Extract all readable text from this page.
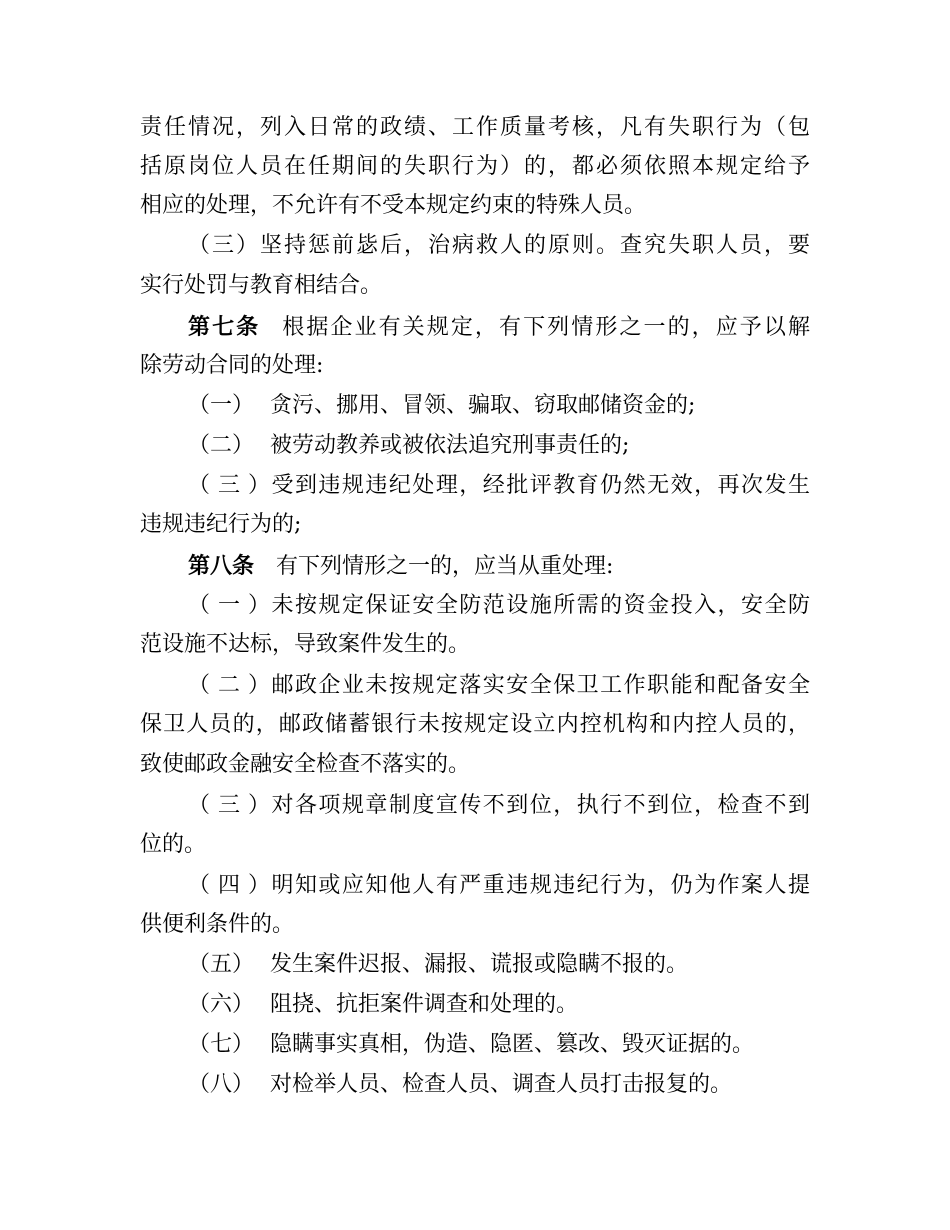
责任情况，列入日常的政绩、工作质量考核，凡有失职行为（包
括原岗位人员在任期间的失职行为）的，都必须依照本规定给予
相应的处理，不允许有不受本规定约束的特殊人员。
（三）坚持惩前毖后，治病救人的原则。查究失职人员，要
实行处罚与教育相结合。
第七条 根据企业有关规定，有下列情形之一的，应予以解
除劳动合同的处理:
（一） 贪污、挪用、冒领、骗取、窃取邮储资金的;
（二） 被劳动教养或被依法追究刑事责任的;
（三）受到违规违纪处理，经批评教育仍然无效，再次发生
违规违纪行为的;
第八条 有下列情形之一的，应当从重处理:
（一）未按规定保证安全防范设施所需的资金投入，安全防
范设施不达标，导致案件发生的。
（二）邮政企业未按规定落实安全保卫工作职能和配备安全
保卫人员的，邮政储蓄银行未按规定设立内控机构和内控人员的，
致使邮政金融安全检查不落实的。
（三）对各项规章制度宣传不到位，执行不到位，检查不到
位的。
（四）明知或应知他人有严重违规违纪行为，仍为作案人提
供便利条件的。
（五） 发生案件迟报、漏报、谎报或隐瞒不报的。
（六） 阻挠、抗拒案件调查和处理的。
（七） 隐瞒事实真相，伪造、隐匿、篡改、毁灭证据的。
（八） 对检举人员、检查人员、调查人员打击报复的。
